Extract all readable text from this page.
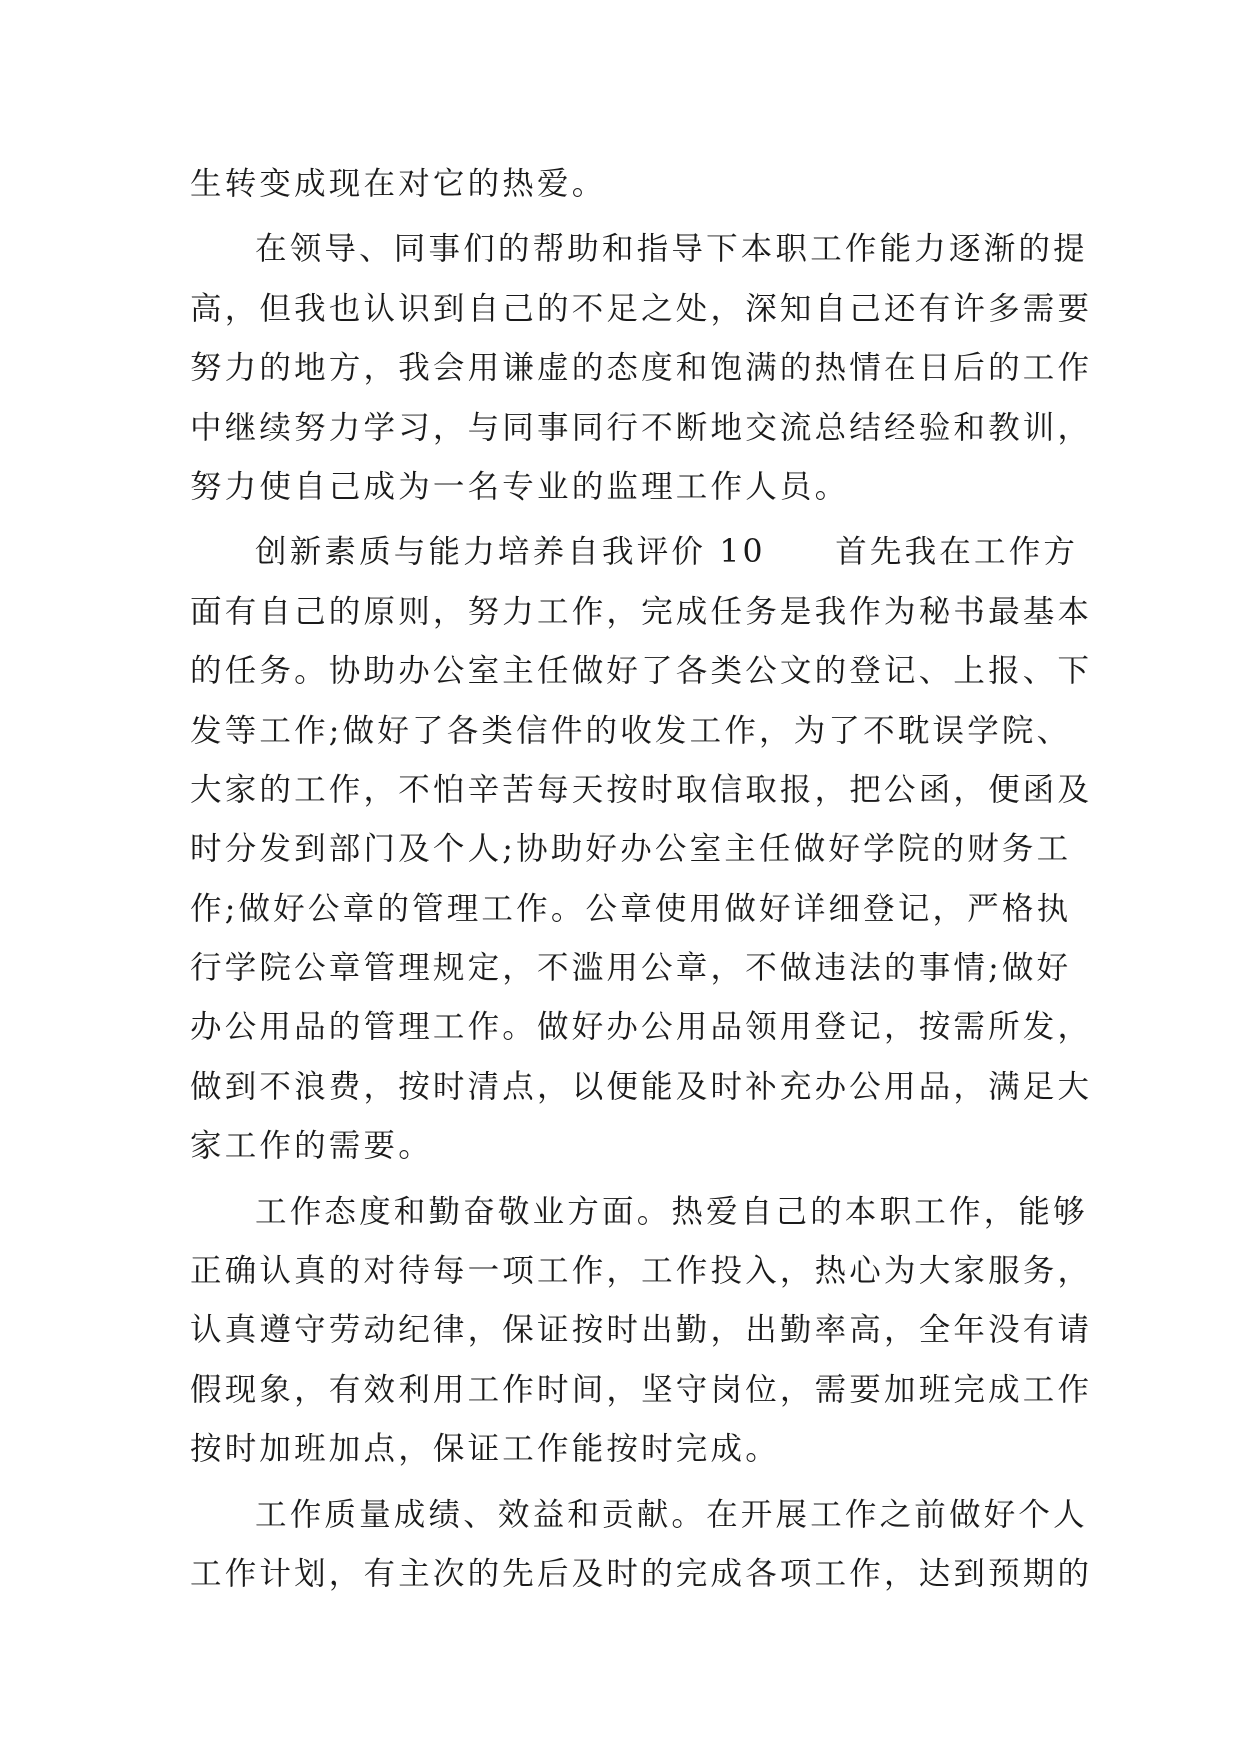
生转变成现在对它的热爱。
在领导、同事们的帮助和指导下本职工作能力逐渐的提
高，但我也认识到自己的不足之处，深知自己还有许多需要
努力的地方，我会用谦虚的态度和饱满的热情在日后的工作
中继续努力学习，与同事同行不断地交流总结经验和教训，
努力使自己成为一名专业的监理工作人员。
创新素质与能力培养自我评价 10　　首先我在工作方
面有自己的原则，努力工作，完成任务是我作为秘书最基本
的任务。协助办公室主任做好了各类公文的登记、上报、下
发等工作;做好了各类信件的收发工作，为了不耽误学院、
大家的工作，不怕辛苦每天按时取信取报，把公函，便函及
时分发到部门及个人;协助好办公室主任做好学院的财务工
作;做好公章的管理工作。公章使用做好详细登记，严格执
行学院公章管理规定，不滥用公章，不做违法的事情;做好
办公用品的管理工作。做好办公用品领用登记，按需所发，
做到不浪费，按时清点，以便能及时补充办公用品，满足大
家工作的需要。
工作态度和勤奋敬业方面。热爱自己的本职工作，能够
正确认真的对待每一项工作，工作投入，热心为大家服务，
认真遵守劳动纪律，保证按时出勤，出勤率高，全年没有请
假现象，有效利用工作时间，坚守岗位，需要加班完成工作
按时加班加点，保证工作能按时完成。
工作质量成绩、效益和贡献。在开展工作之前做好个人
工作计划，有主次的先后及时的完成各项工作，达到预期的
